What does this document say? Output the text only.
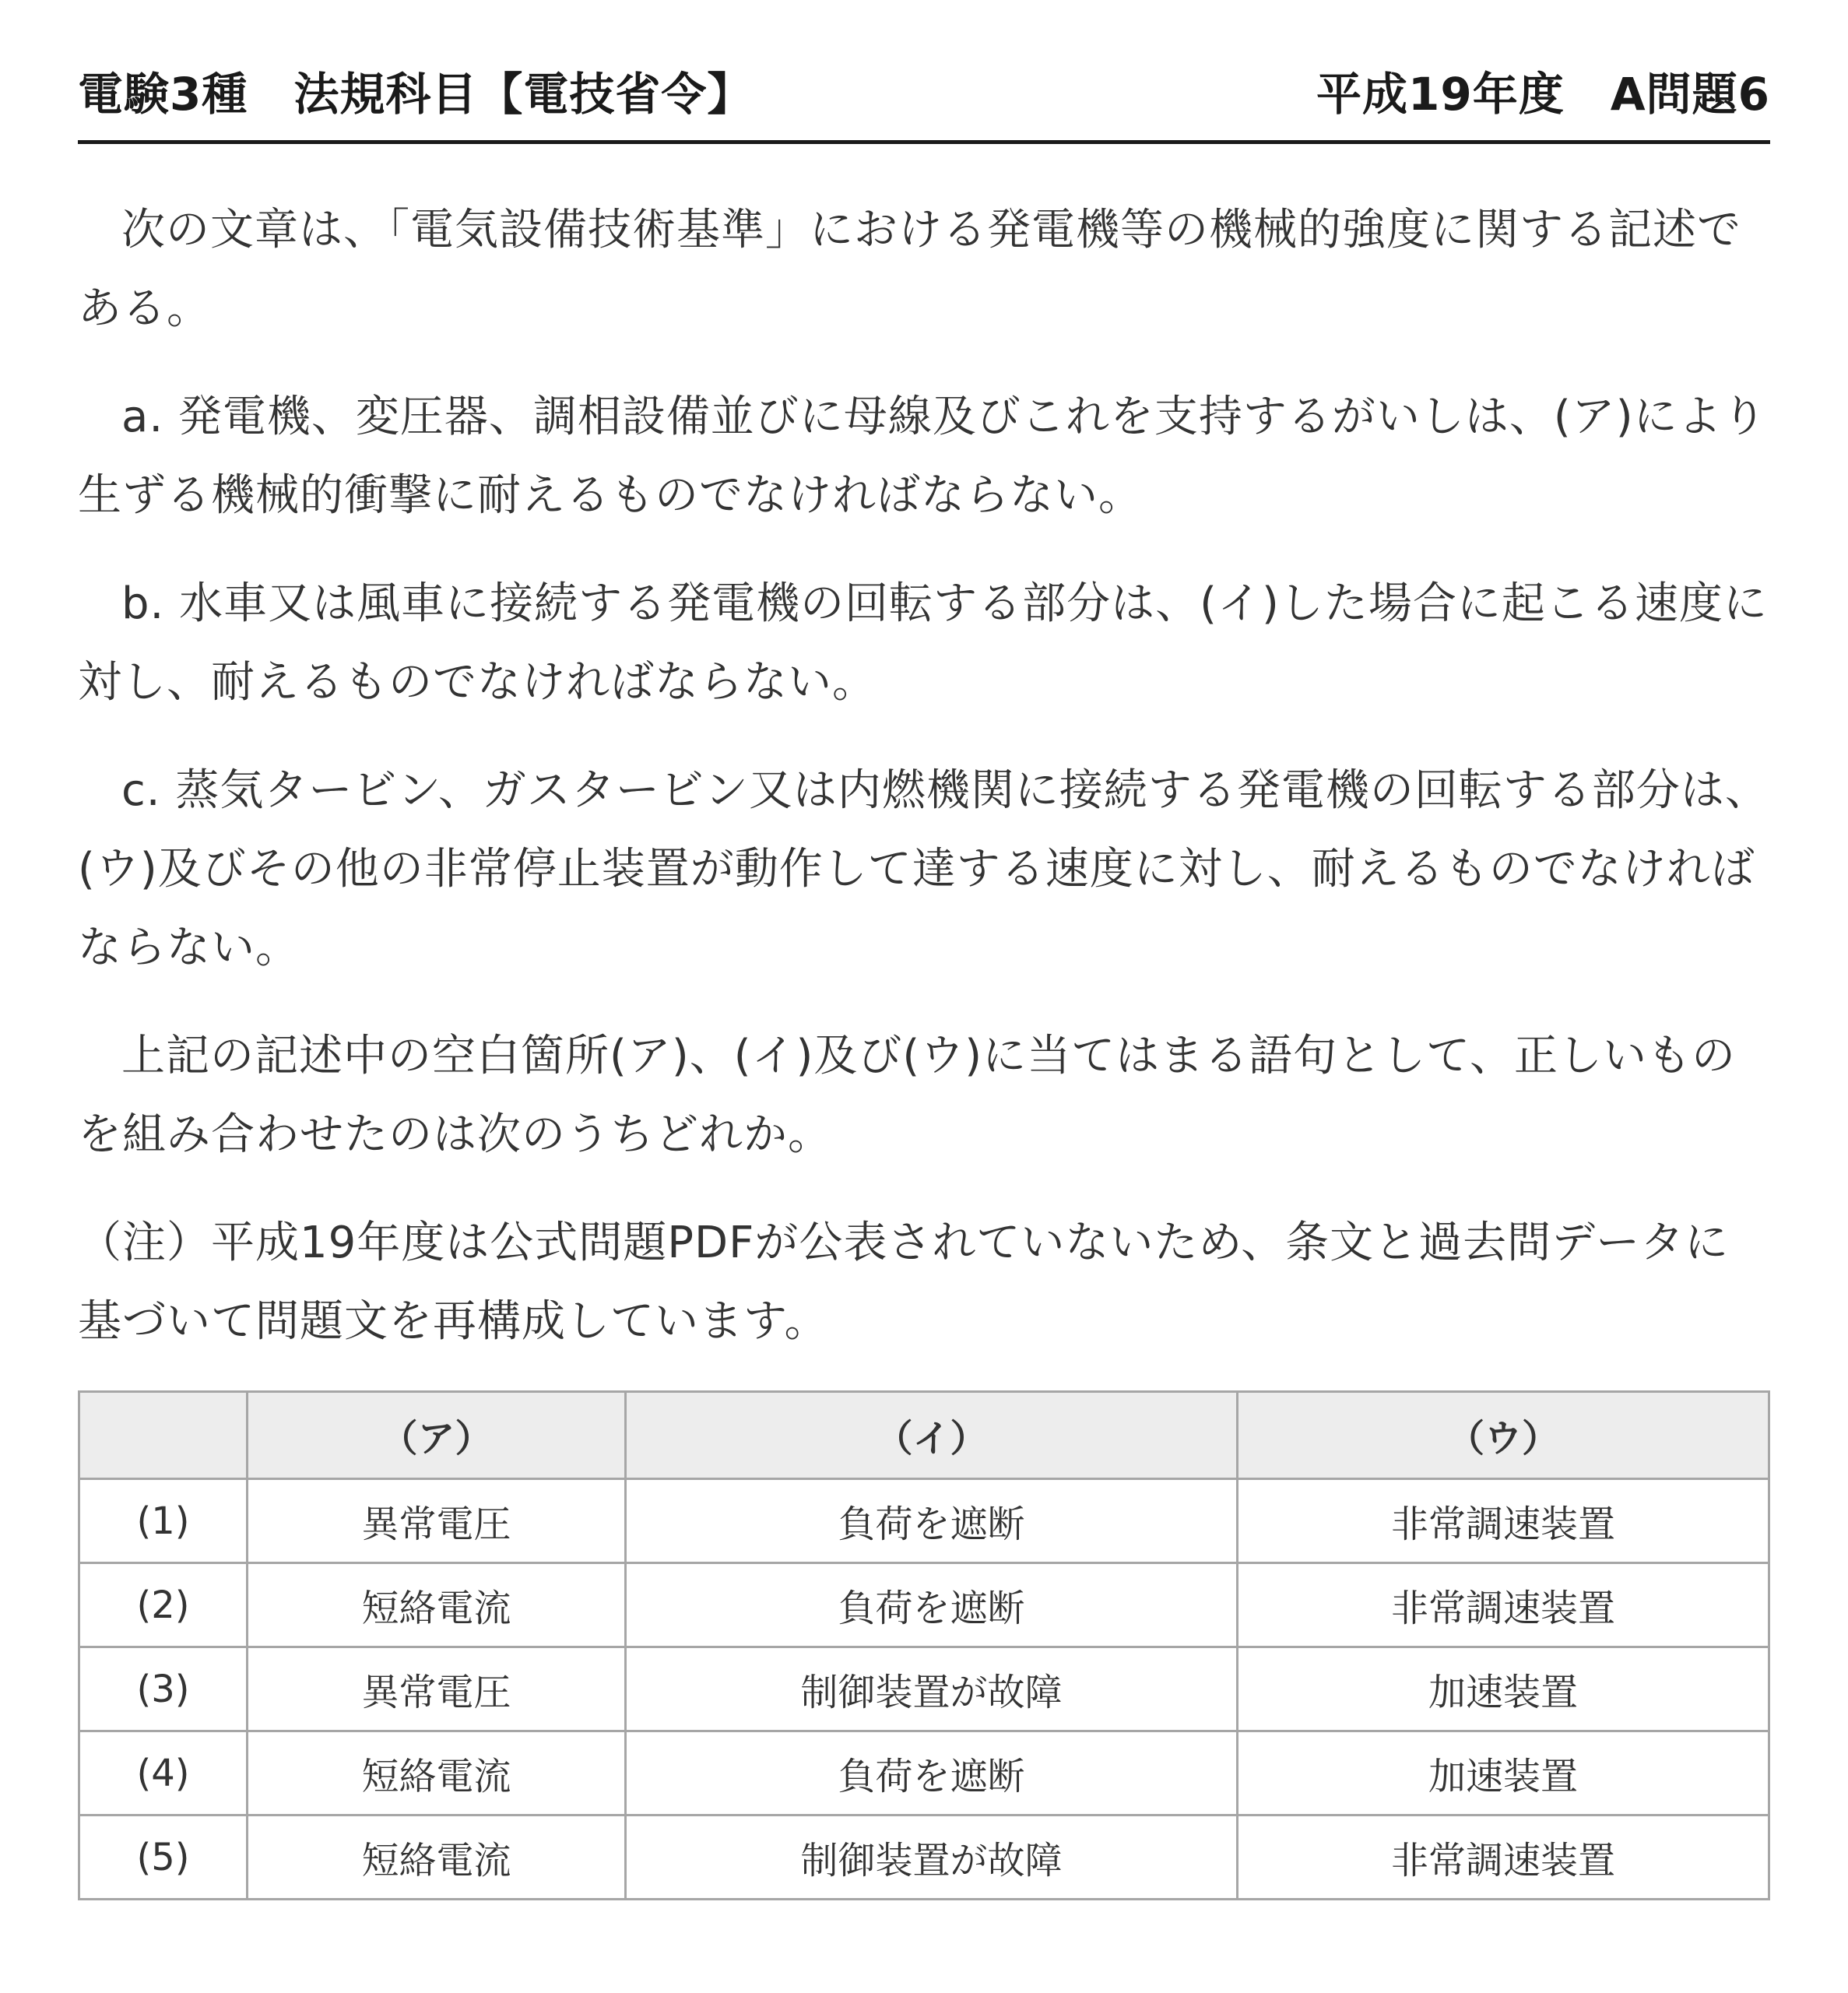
電験3種　法規科目【電技省令】	平成19年度　A問題6

次の文章は、「電気設備技術基準」における発電機等の機械的強度に関する記述である。

a. 発電機、変圧器、調相設備並びに母線及びこれを支持するがいしは、(ア)により生ずる機械的衝撃に耐えるものでなければならない。

b. 水車又は風車に接続する発電機の回転する部分は、(イ)した場合に起こる速度に対し、耐えるものでなければならない。

c. 蒸気タービン、ガスタービン又は内燃機関に接続する発電機の回転する部分は、(ウ)及びその他の非常停止装置が動作して達する速度に対し、耐えるものでなければならない。

上記の記述中の空白箇所(ア)、(イ)及び(ウ)に当てはまる語句として、正しいものを組み合わせたのは次のうちどれか。

（注）平成19年度は公式問題PDFが公表されていないため、条文と過去問データに基づいて問題文を再構成しています。

	（ア）	（イ）	（ウ）
(1)	異常電圧	負荷を遮断	非常調速装置
(2)	短絡電流	負荷を遮断	非常調速装置
(3)	異常電圧	制御装置が故障	加速装置
(4)	短絡電流	負荷を遮断	加速装置
(5)	短絡電流	制御装置が故障	非常調速装置
